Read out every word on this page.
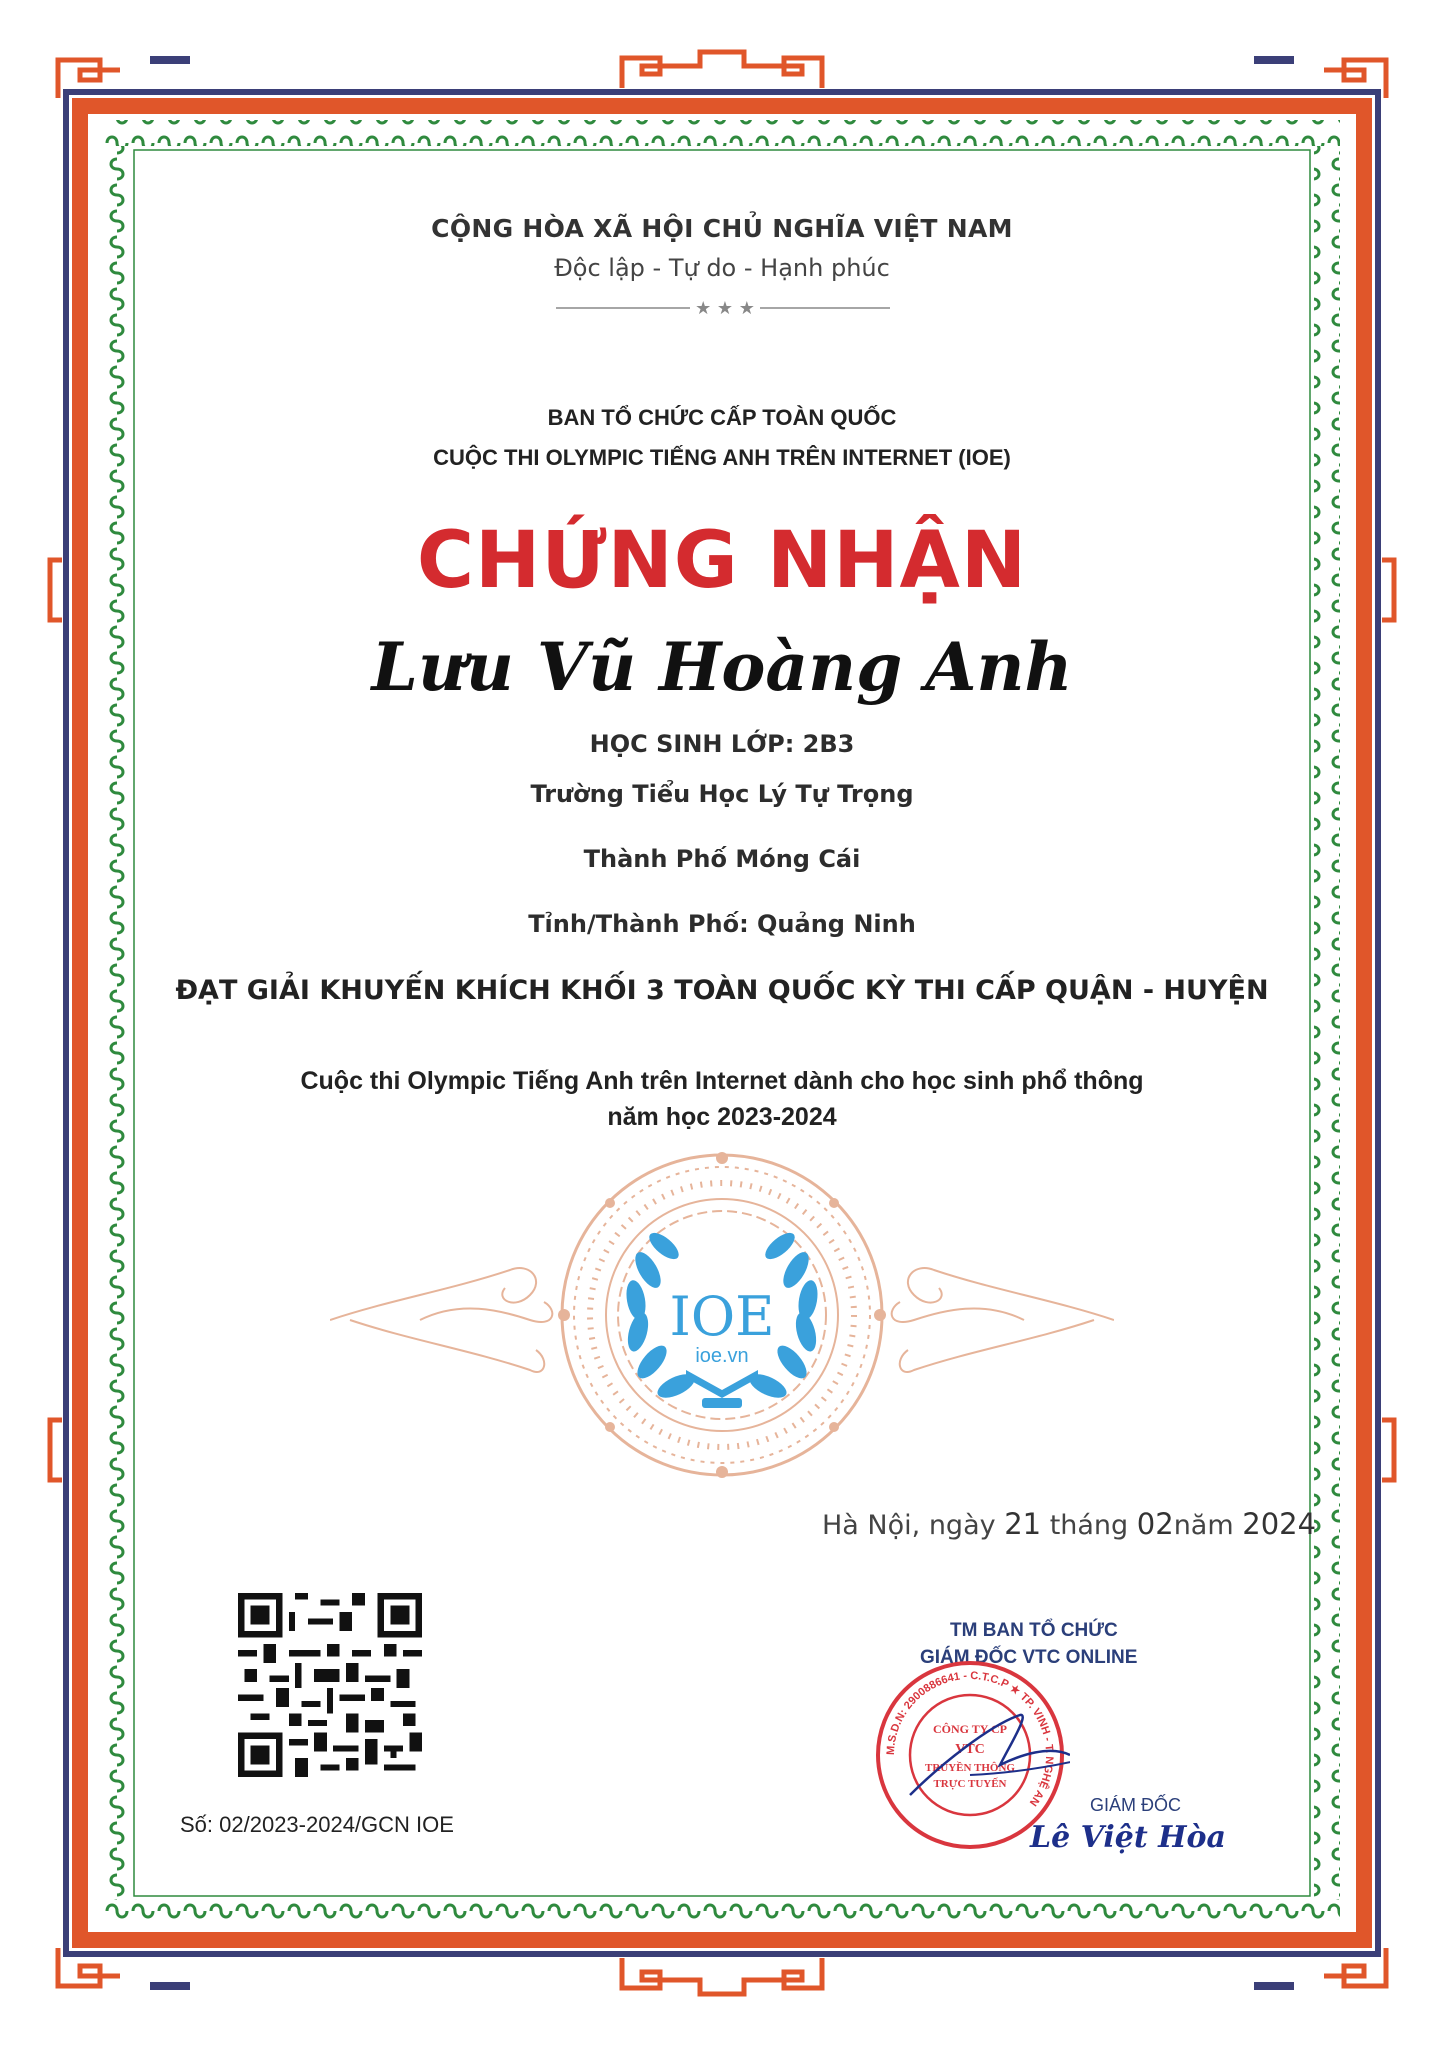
CỘNG HÒA XÃ HỘI CHỦ NGHĨA VIỆT NAM
Độc lập - Tự do - Hạnh phúc
★ ★ ★
BAN TỔ CHỨC CẤP TOÀN QUỐC
CUỘC THI OLYMPIC TIẾNG ANH TRÊN INTERNET (IOE)
CHỨNG NHẬN
Lưu Vũ Hoàng Anh
HỌC SINH LỚP: 2B3
Trường Tiểu Học Lý Tự Trọng
Thành Phố Móng Cái
Tỉnh/Thành Phố: Quảng Ninh
ĐẠT GIẢI KHUYẾN KHÍCH KHỐI 3 TOÀN QUỐC KỲ THI CẤP QUẬN - HUYỆN
Cuộc thi Olympic Tiếng Anh trên Internet dành cho học sinh phổ thông
năm học 2023-2024
IOE
ioe.vn
Hà Nội, ngày 21 tháng 02năm 2024
Số: 02/2023-2024/GCN IOE
TM BAN TỔ CHỨC
GIÁM ĐỐC VTC ONLINE
M.S.D.N: 2900886641 - C.T.C.P ★ TP. VINH - T. NGHỆ AN
CÔNG TY CP
VTC
TRUYỀN THÔNG
TRỰC TUYẾN
GIÁM ĐỐC
Lê Việt Hòa
